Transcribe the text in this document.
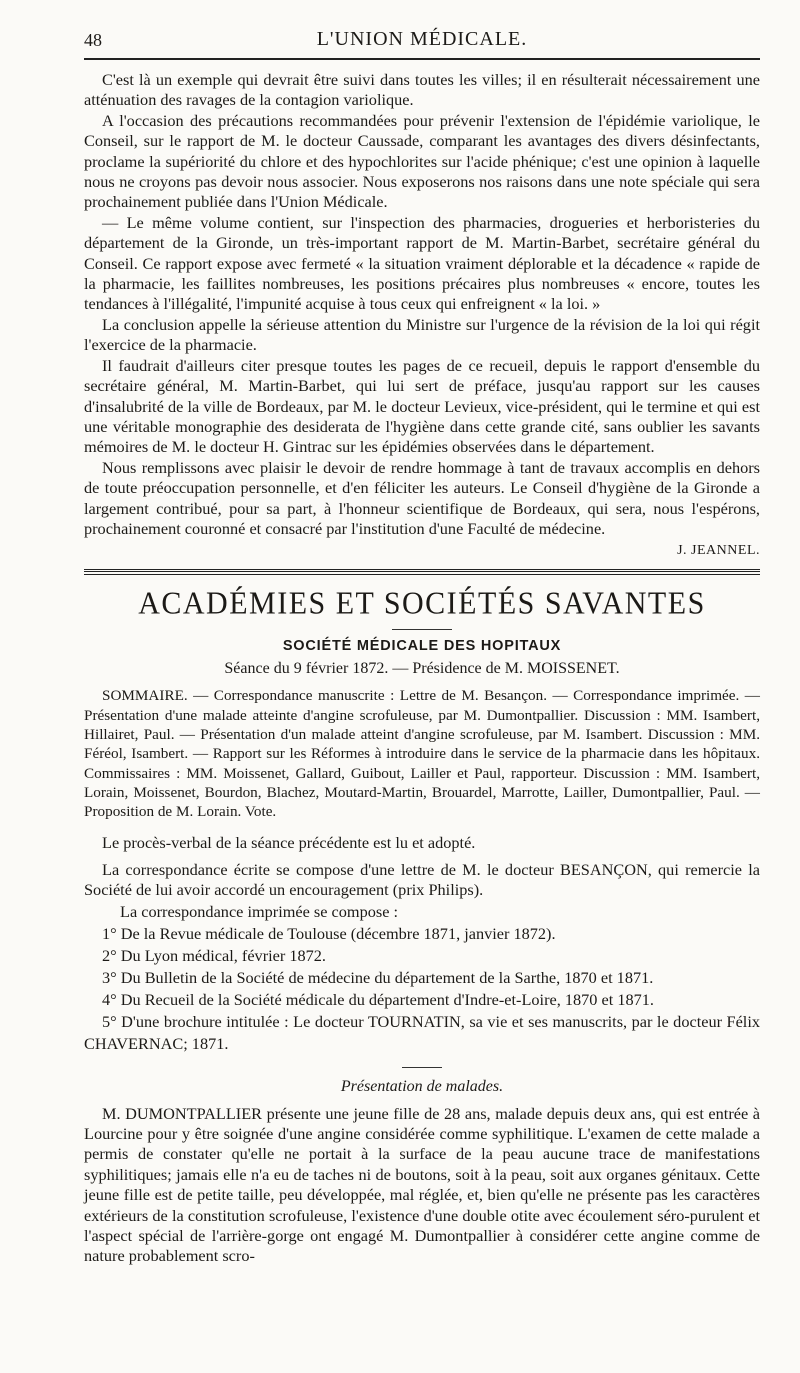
48	L'UNION MÉDICALE.

C'est là un exemple qui devrait être suivi dans toutes les villes; il en résulterait nécessairement une atténuation des ravages de la contagion variolique.

A l'occasion des précautions recommandées pour prévenir l'extension de l'épidémie variolique, le Conseil, sur le rapport de M. le docteur Caussade, comparant les avantages des divers désinfectants, proclame la supériorité du chlore et des hypochlorites sur l'acide phénique; c'est une opinion à laquelle nous ne croyons pas devoir nous associer. Nous exposerons nos raisons dans une note spéciale qui sera prochainement publiée dans l'Union Médicale.

— Le même volume contient, sur l'inspection des pharmacies, drogueries et herboristeries du département de la Gironde, un très-important rapport de M. Martin-Barbet, secrétaire général du Conseil. Ce rapport expose avec fermeté « la situation vraiment déplorable et la décadence « rapide de la pharmacie, les faillites nombreuses, les positions précaires plus nombreuses « encore, toutes les tendances à l'illégalité, l'impunité acquise à tous ceux qui enfreignent « la loi. »

La conclusion appelle la sérieuse attention du Ministre sur l'urgence de la révision de la loi qui régit l'exercice de la pharmacie.

Il faudrait d'ailleurs citer presque toutes les pages de ce recueil, depuis le rapport d'ensemble du secrétaire général, M. Martin-Barbet, qui lui sert de préface, jusqu'au rapport sur les causes d'insalubrité de la ville de Bordeaux, par M. le docteur Levieux, vice-président, qui le termine et qui est une véritable monographie des desiderata de l'hygiène dans cette grande cité, sans oublier les savants mémoires de M. le docteur H. Gintrac sur les épidémies observées dans le département.

Nous remplissons avec plaisir le devoir de rendre hommage à tant de travaux accomplis en dehors de toute préoccupation personnelle, et d'en féliciter les auteurs. Le Conseil d'hygiène de la Gironde a largement contribué, pour sa part, à l'honneur scientifique de Bordeaux, qui sera, nous l'espérons, prochainement couronné et consacré par l'institution d'une Faculté de médecine.

J. JEANNEL.
ACADÉMIES ET SOCIÉTÉS SAVANTES
SOCIÉTÉ MÉDICALE DES HOPITAUX
Séance du 9 février 1872. — Présidence de M. MOISSENET.

SOMMAIRE. — Correspondance manuscrite : Lettre de M. Besançon. — Correspondance imprimée. — Présentation d'une malade atteinte d'angine scrofuleuse, par M. Dumontpallier. Discussion : MM. Isambert, Hillairet, Paul. — Présentation d'un malade atteint d'angine scrofuleuse, par M. Isambert. Discussion : MM. Féréol, Isambert. — Rapport sur les Réformes à introduire dans le service de la pharmacie dans les hôpitaux. Commissaires : MM. Moissenet, Gallard, Guibout, Lailler et Paul, rapporteur. Discussion : MM. Isambert, Lorain, Moissenet, Bourdon, Blachez, Moutard-Martin, Brouardel, Marrotte, Lailler, Dumontpallier, Paul. — Proposition de M. Lorain. Vote.

Le procès-verbal de la séance précédente est lu et adopté.

La correspondance écrite se compose d'une lettre de M. le docteur BESANÇON, qui remercie la Société de lui avoir accordé un encouragement (prix Philips).

La correspondance imprimée se compose :

1° De la Revue médicale de Toulouse (décembre 1871, janvier 1872).

2° Du Lyon médical, février 1872.

3° Du Bulletin de la Société de médecine du département de la Sarthe, 1870 et 1871.

4° Du Recueil de la Société médicale du département d'Indre-et-Loire, 1870 et 1871.

5° D'une brochure intitulée : Le docteur TOURNATIN, sa vie et ses manuscrits, par le docteur Félix CHAVERNAC; 1871.

Présentation de malades.

M. DUMONTPALLIER présente une jeune fille de 28 ans, malade depuis deux ans, qui est entrée à Lourcine pour y être soignée d'une angine considérée comme syphilitique. L'examen de cette malade a permis de constater qu'elle ne portait à la surface de la peau aucune trace de manifestations syphilitiques; jamais elle n'a eu de taches ni de boutons, soit à la peau, soit aux organes génitaux. Cette jeune fille est de petite taille, peu développée, mal réglée, et, bien qu'elle ne présente pas les caractères extérieurs de la constitution scrofuleuse, l'existence d'une double otite avec écoulement séro-purulent et l'aspect spécial de l'arrière-gorge ont engagé M. Dumontpallier à considérer cette angine comme de nature probablement scro-
